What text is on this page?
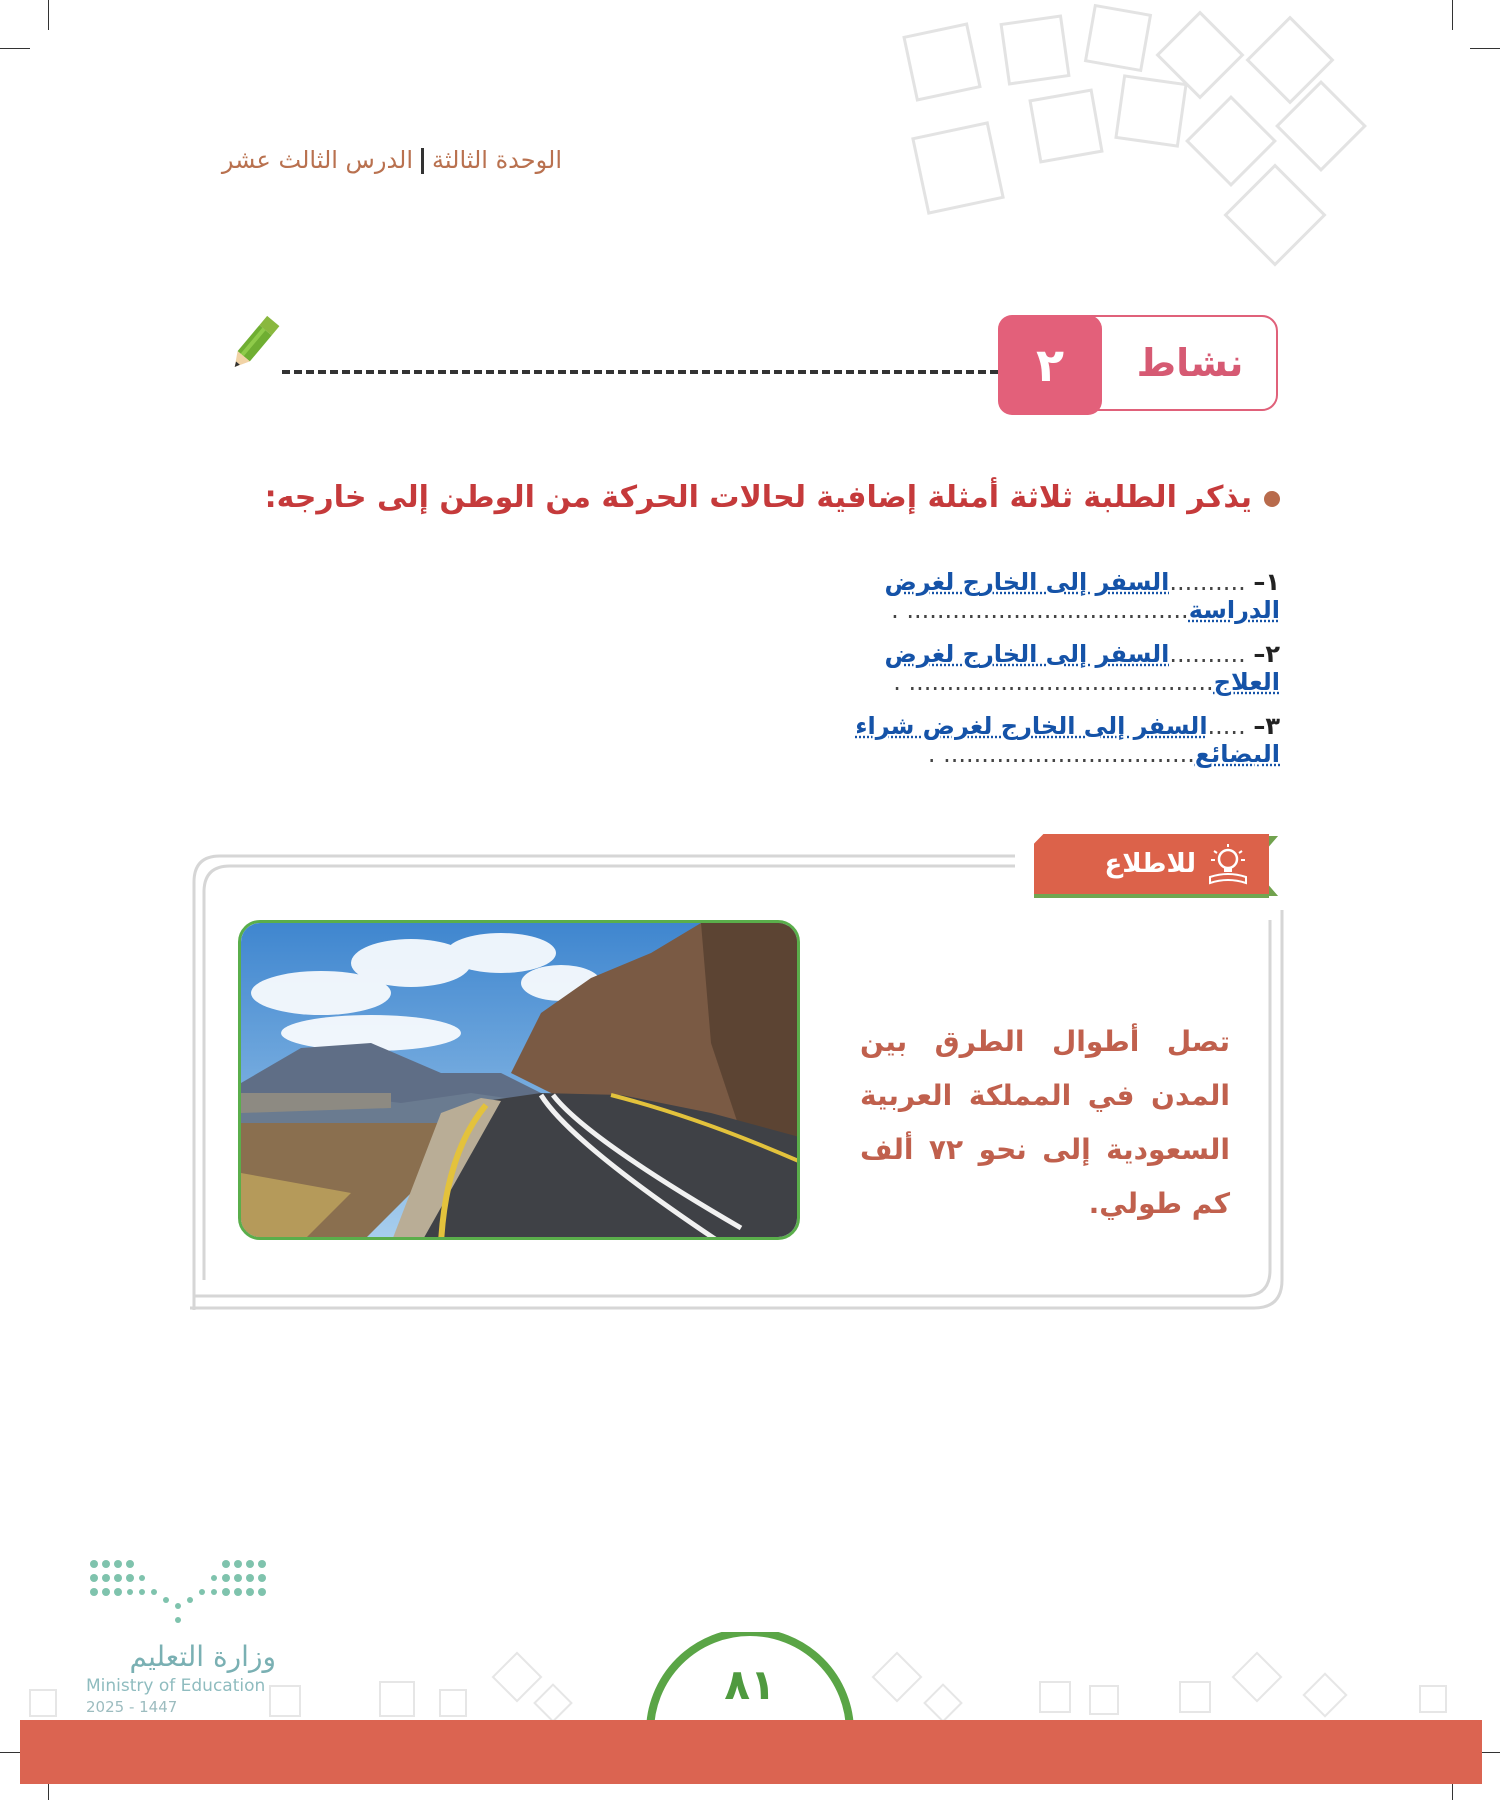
الوحدة الثالثةالدرس الثالث عشر
٢	نشاط
يذكر الطلبة ثلاثة أمثلة إضافية لحالات الحركة من الوطن إلى خارجه:
١– ..........السفر إلى الخارج لغرض الدراسة..................................... .
٢– ..........السفر إلى الخارج لغرض العلاج........................................ .
٣– .....السفر إلى الخارج لغرض شراء البضائع................................. .
للاطلاع
تصل أطوال الطرق بين المدن في المملكة العربية السعودية إلى نحو ٧٢ ألف كم طولي.
وزارة التعليم
Ministry of Education
2025 - 1447	٨١
